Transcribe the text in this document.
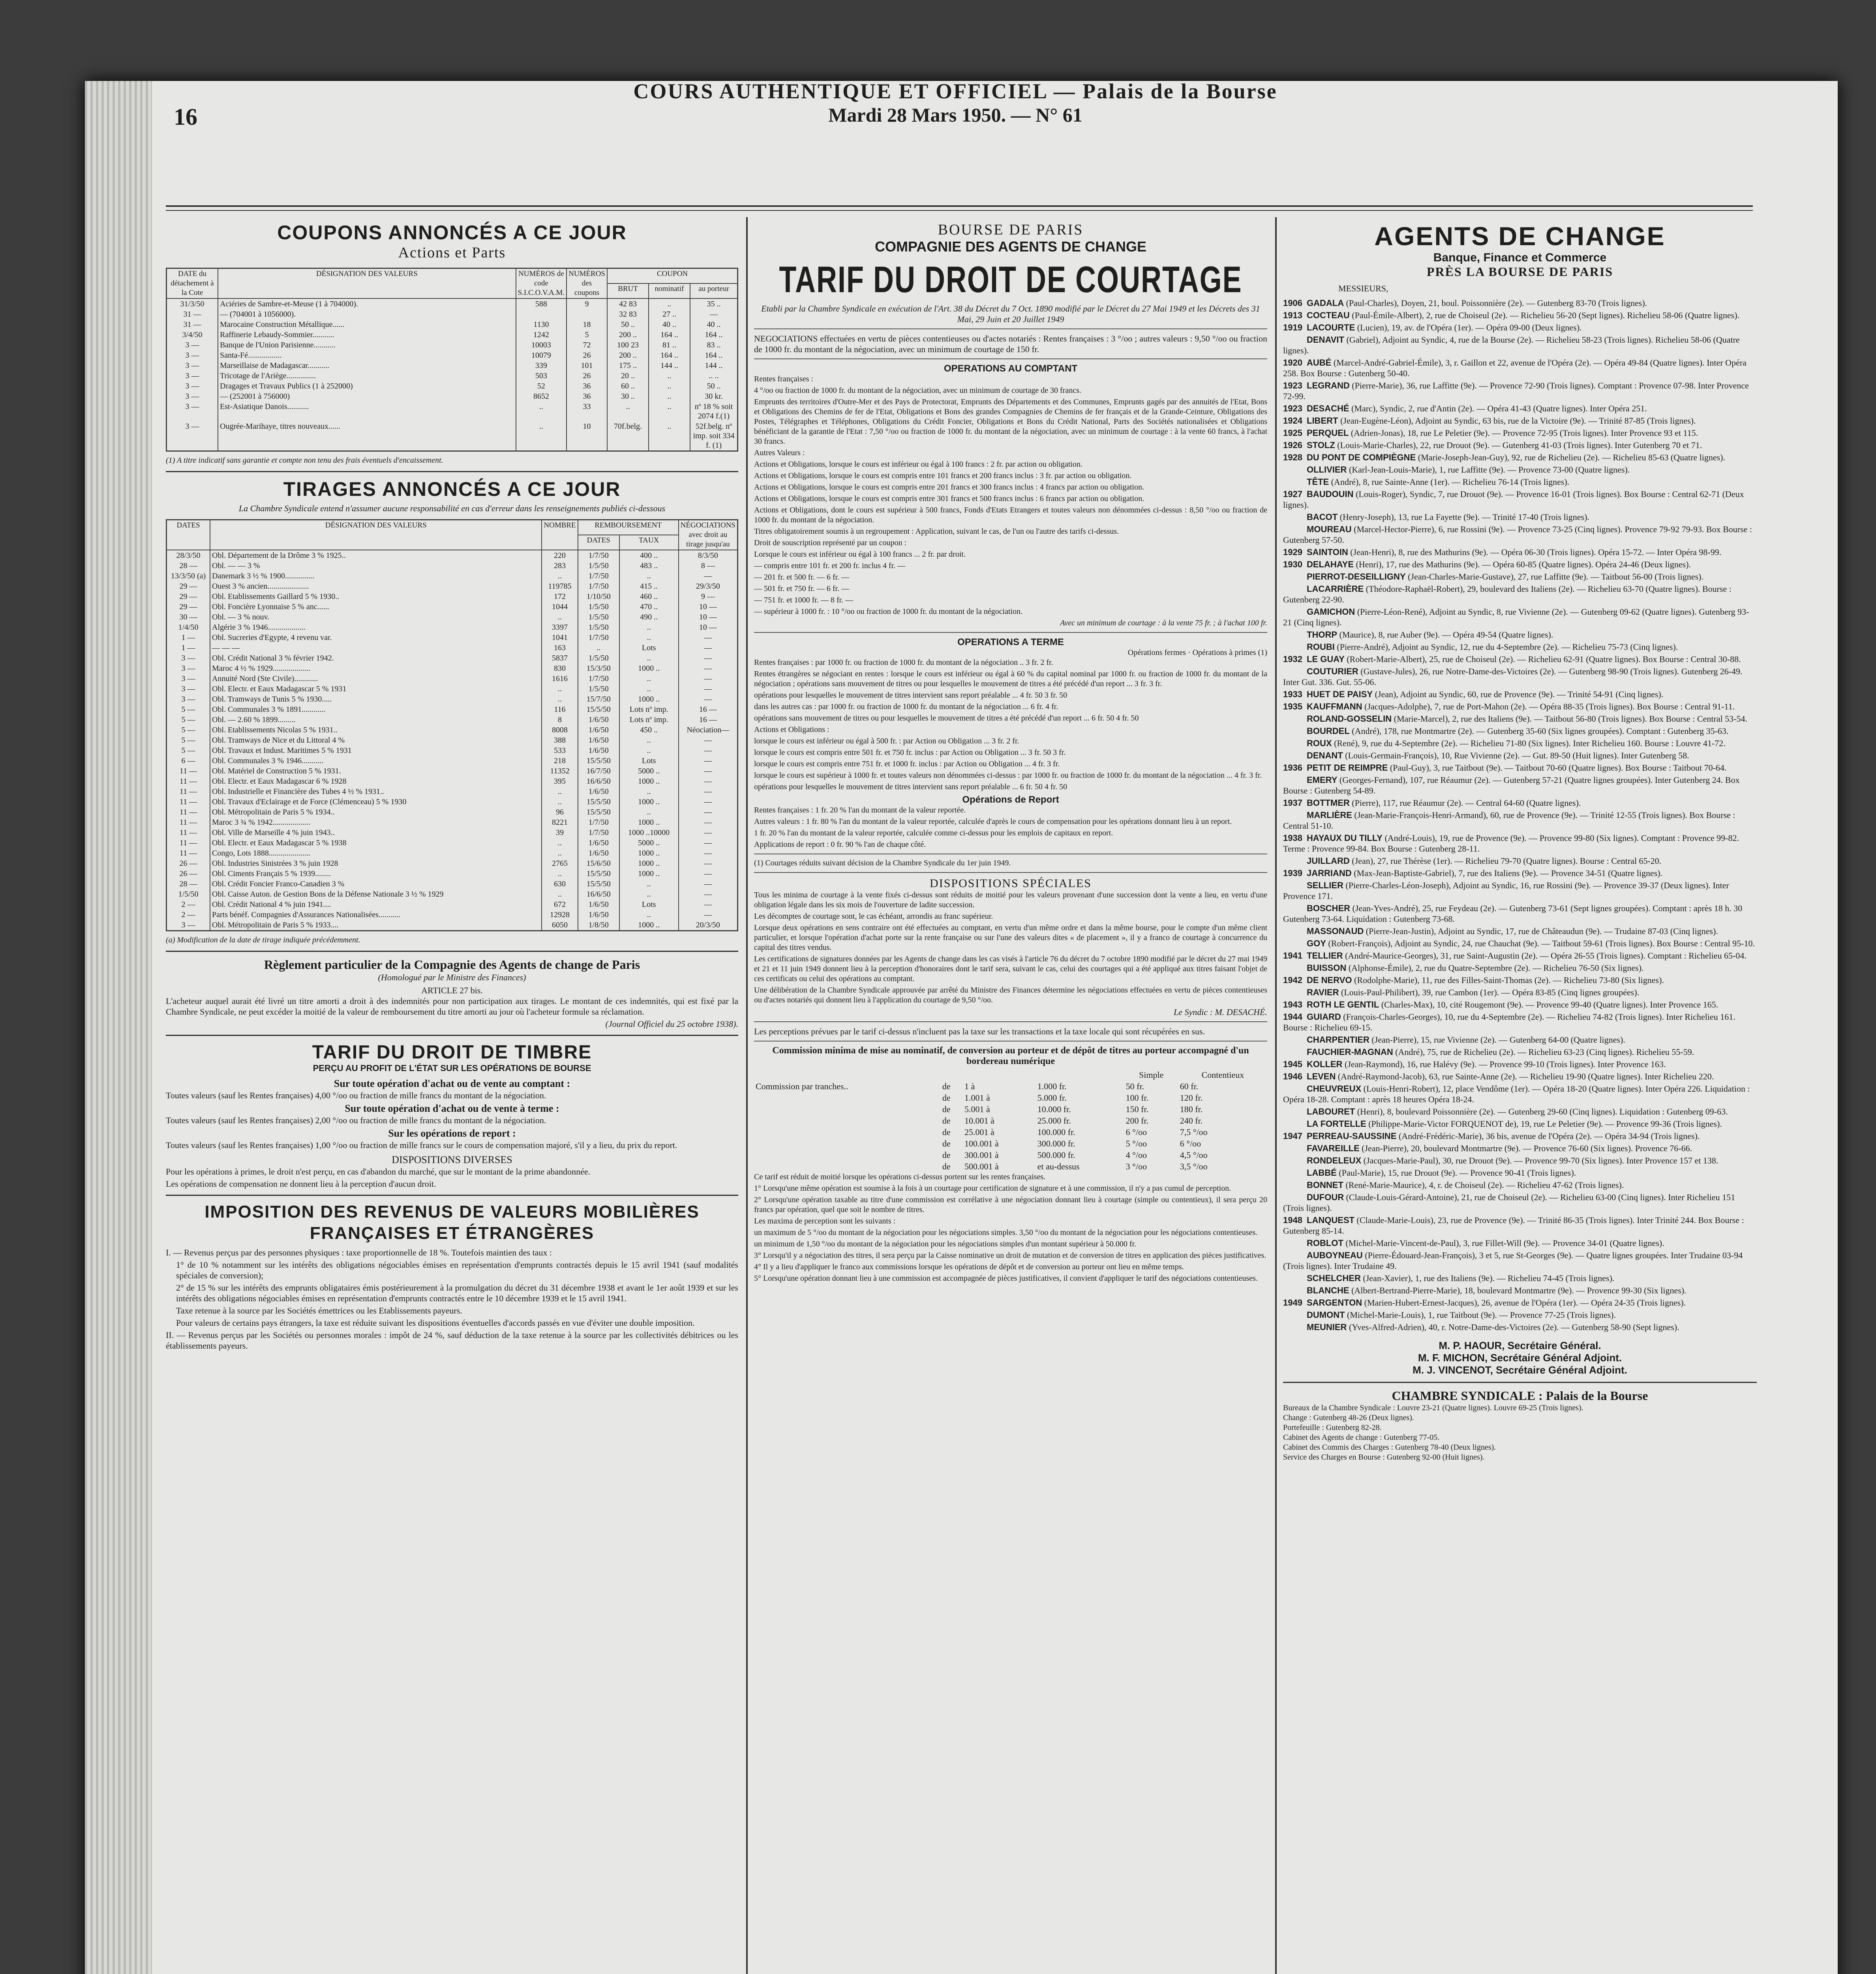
COURS AUTHENTIQUE ET OFFICIEL — Palais de la Bourse
Mardi 28 Mars 1950. — N° 61
16
COUPONS ANNONCÉS A CE JOUR
Actions et Parts
DATE du détachement à la Cote	DÉSIGNATION DES VALEURS	NUMÉROS de code S.I.C.O.V.A.M.	NUMÉROS des coupons	COUPON		
				BRUT	nominatif	au porteur
31/3/50	Aciéries de Sambre-et-Meuse (1 à 704000).	588	9	42 83	..	35 ..
31 —	— (704001 à 1056000).			32 83	27 ..	—
31 —	Marocaine Construction Métallique......	1130	18	50 ..	40 ..	40 ..
3/4/50	Raffinerie Lebaudy-Sommier...........	1242	5	200 ..	164 ..	164 ..
3 —	Banque de l'Union Parisienne...........	10003	72	100 23	81 ..	83 ..
3 —	Santa-Fé.................	10079	26	200 ..	164 ..	164 ..
3 —	Marseillaise de Madagascar...........	339	101	175 ..	144 ..	144 ..
3 —	Tricotage de l'Ariège...............	503	26	20 ..	..	.. ..
3 —	Dragages et Travaux Publics (1 à 252000)	52	36	60 ..	..	50 ..
3 —	— (252001 à 756000)	8652	36	30 ..	..	30 kr.
3 —	Est-Asiatique Danois...........	..	33	..	..	nº 18 % soit 2074 f.(1)
3 —	Ougrée-Marihaye, titres nouveaux......	..	10	70f.belg.	..	52f.belg. nº imp. soit 334 f. (1)
(1) A titre indicatif sans garantie et compte non tenu des frais éventuels d'encaissement.
TIRAGES ANNONCÉS A CE JOUR
La Chambre Syndicale entend n'assumer aucune responsabilité en cas d'erreur dans les renseignements publiés ci-dessous
DATES	DÉSIGNATION DES VALEURS	NOMBRE	REMBOURSEMENT		NÉGOCIATIONS avec droit au tirage jusqu'au
			DATES	TAUX	
28/3/50	Obl. Département de la Drôme 3 % 1925..	220	1/7/50	400 ..	8/3/50
28 —	Obl. — — 3 %	283	1/5/50	483 ..	8 —
13/3/50 (a)	Danemark 3 ½ % 1900...............	..	1/7/50	..	—
29 —	Ouest 3 % ancien.....................	119785	1/7/50	415 ..	29/3/50
29 —	Obl. Etablissements Gaillard 5 % 1930..	172	1/10/50	460 ..	9 —
29 —	Obl. Foncière Lyonnaise 5 % anc......	1044	1/5/50	470 ..	10 —
30 —	Obl. — 3 % nouv.	..	1/5/50	490 ..	10 —
1/4/50	Algérie 3 % 1946...................	3397	1/5/50	..	10 —
1 —	Obl. Sucreries d'Egypte, 4 revenu var.	1041	1/7/50	..	—
1 —	— — —	163	..	Lots	—
3 —	Obl. Crédit National 3 % février 1942.	5837	1/5/50	..	—
3 —	Maroc 4 ½ % 1929...................	830	15/3/50	1000 ..	—
3 —	Annuité Nord (Ste Civile)............	1616	1/7/50	..	—
3 —	Obl. Electr. et Eaux Madagascar 5 % 1931	..	1/5/50	..	—
3 —	Obl. Tramways de Tunis 5 % 1930.....	..	15/7/50	1000 ..	—
5 —	Obl. Communales 3 % 1891............	116	15/5/50	Lots nº imp.	16 —
5 —	Obl. — 2.60 % 1899.........	8	1/6/50	Lots nº imp.	16 —
5 —	Obl. Etablissements Nicolas 5 % 1931..	8008	1/6/50	450 ..	Néociation—
5 —	Obl. Tramways de Nice et du Littoral 4 %	388	1/6/50	..	—
5 —	Obl. Travaux et Indust. Maritimes 5 % 1931	533	1/6/50	..	—
6 —	Obl. Communales 3 % 1946...........	218	15/5/50	Lots	—
11 —	Obl. Matériel de Construction 5 % 1931.	11352	16/7/50	5000 ..	—
11 —	Obl. Electr. et Eaux Madagascar 6 % 1928	395	16/6/50	1000 ..	—
11 —	Obl. Industrielle et Financière des Tubes 4 ½ % 1931..	..	1/6/50	..	—
11 —	Obl. Travaux d'Eclairage et de Force (Clémenceau) 5 % 1930	..	15/5/50	1000 ..	—
11 —	Obl. Métropolitain de Paris 5 % 1934..	96	15/5/50	..	—
11 —	Maroc 3 ¾ % 1942...................	8221	1/7/50	1000 ..	—
11 —	Obl. Ville de Marseille 4 % juin 1943..	39	1/7/50	1000 ..10000	—
11 —	Obl. Electr. et Eaux Madagascar 5 % 1938	..	1/6/50	5000 ..	—
11 —	Congo, Lots 1888.....................	..	1/6/50	1000 ..	—
26 —	Obl. Industries Sinistrées 3 % juin 1928	2765	15/6/50	1000 ..	—
26 —	Obl. Ciments Français 5 % 1939........	..	15/5/50	1000 ..	—
28 —	Obl. Crédit Foncier Franco-Canadien 3 %	630	15/5/50	..	—
1/5/50	Obl. Caisse Auton. de Gestion Bons de la Défense Nationale 3 ½ % 1929	..	16/6/50	..	—
2 —	Obl. Crédit National 4 % juin 1941....	672	1/6/50	Lots	—
2 —	Parts bénéf. Compagnies d'Assurances Nationalisées...........	12928	1/6/50	..	—
3 —	Obl. Métropolitain de Paris 5 % 1933....	6050	1/8/50	1000 ..	20/3/50
(a) Modification de la date de tirage indiquée précédemment.
Règlement particulier de la Compagnie des Agents de change de Paris
(Homologué par le Ministre des Finances)
ARTICLE 27 bis.
L'acheteur auquel aurait été livré un titre amorti a droit à des indemnités pour non participation aux tirages. Le montant de ces indemnités, qui est fixé par la Chambre Syndicale, ne peut excéder la moitié de la valeur de remboursement du titre amorti au jour où l'acheteur formule sa réclamation.
(Journal Officiel du 25 octobre 1938).
TARIF DU DROIT DE TIMBRE
PERÇU AU PROFIT DE L'ÉTAT SUR LES OPÉRATIONS DE BOURSE
Sur toute opération d'achat ou de vente au comptant :
Toutes valeurs (sauf les Rentes françaises) 4,00 °/oo ou fraction de mille francs du montant de la négociation.
Sur toute opération d'achat ou de vente à terme :
Toutes valeurs (sauf les Rentes françaises) 2,00 °/oo ou fraction de mille francs du montant de la négociation.
Sur les opérations de report :
Toutes valeurs (sauf les Rentes françaises) 1,00 °/oo ou fraction de mille francs sur le cours de compensation majoré, s'il y a lieu, du prix du report.
DISPOSITIONS DIVERSES
Pour les opérations à primes, le droit n'est perçu, en cas d'abandon du marché, que sur le montant de la prime abandonnée.
Les opérations de compensation ne donnent lieu à la perception d'aucun droit.
IMPOSITION DES REVENUS DE VALEURS MOBILIÈRES FRANÇAISES ET ÉTRANGÈRES
I. — Revenus perçus par des personnes physiques : taxe proportionnelle de 18 %. Toutefois maintien des taux :
1° de 10 % notamment sur les intérêts des obligations négociables émises en représentation d'emprunts contractés depuis le 15 avril 1941 (sauf modalités spéciales de conversion);
2° de 15 % sur les intérêts des emprunts obligataires émis postérieurement à la promulgation du décret du 31 décembre 1938 et avant le 1er août 1939 et sur les intérêts des obligations négociables émises en représentation d'emprunts contractés entre le 10 décembre 1939 et le 15 avril 1941.
Taxe retenue à la source par les Sociétés émettrices ou les Etablissements payeurs.
Pour valeurs de certains pays étrangers, la taxe est réduite suivant les dispositions éventuelles d'accords passés en vue d'éviter une double imposition.
II. — Revenus perçus par les Sociétés ou personnes morales : impôt de 24 %, sauf déduction de la taxe retenue à la source par les collectivités débitrices ou les établissements payeurs.
BOURSE DE PARIS
COMPAGNIE DES AGENTS DE CHANGE
TARIF DU DROIT DE COURTAGE
Etabli par la Chambre Syndicale en exécution de l'Art. 38 du Décret du 7 Oct. 1890 modifié par le Décret du 27 Mai 1949 et les Décrets des 31 Mai, 29 Juin et 20 Juillet 1949
NEGOCIATIONS effectuées en vertu de pièces contentieuses ou d'actes notariés : Rentes françaises : 3 °/oo ; autres valeurs : 9,50 °/oo ou fraction de 1000 fr. du montant de la négociation, avec un minimum de courtage de 150 fr.
OPERATIONS AU COMPTANT
Rentes françaises :
4 °/oo ou fraction de 1000 fr. du montant de la négociation, avec un minimum de courtage de 30 francs.
Emprunts des territoires d'Outre-Mer et des Pays de Protectorat, Emprunts des Départements et des Communes, Emprunts gagés par des annuités de l'Etat, Bons et Obligations des Chemins de fer de l'Etat, Obligations et Bons des grandes Compagnies de Chemins de fer français et de la Grande-Ceinture, Obligations des Postes, Télégraphes et Téléphones, Obligations du Crédit Foncier, Obligations et Bons du Crédit National, Parts des Sociétés nationalisées et Obligations bénéficiant de la garantie de l'Etat : 7,50 °/oo ou fraction de 1000 fr. du montant de la négociation, avec un minimum de courtage : à la vente 60 francs, à l'achat 30 francs.
Autres Valeurs :
Actions et Obligations, lorsque le cours est inférieur ou égal à 100 francs : 2 fr. par action ou obligation.
Actions et Obligations, lorsque le cours est compris entre 101 francs et 200 francs inclus : 3 fr. par action ou obligation.
Actions et Obligations, lorsque le cours est compris entre 201 francs et 300 francs inclus : 4 francs par action ou obligation.
Actions et Obligations, lorsque le cours est compris entre 301 francs et 500 francs inclus : 6 francs par action ou obligation.
Actions et Obligations, dont le cours est supérieur à 500 francs, Fonds d'Etats Etrangers et toutes valeurs non dénommées ci-dessus : 8,50 °/oo ou fraction de 1000 fr. du montant de la négociation.
Titres obligatoirement soumis à un regroupement : Application, suivant le cas, de l'un ou l'autre des tarifs ci-dessus.
Droit de souscription représenté par un coupon :
Lorsque le cours est inférieur ou égal à 100 francs ... 2 fr. par droit.
— compris entre 101 fr. et 200 fr. inclus 4 fr. —
— 201 fr. et 500 fr. — 6 fr. —
— 501 fr. et 750 fr. — 6 fr. —
— 751 fr. et 1000 fr. — 8 fr. —
— supérieur à 1000 fr. : 10 °/oo ou fraction de 1000 fr. du montant de la négociation.
Avec un minimum de courtage : à la vente 75 fr. ; à l'achat 100 fr.
OPERATIONS A TERME
Opérations fermes · Opérations à primes (1)
Rentes françaises : par 1000 fr. ou fraction de 1000 fr. du montant de la négociation .. 3 fr. 2 fr.
Rentes étrangères se négociant en rentes : lorsque le cours est inférieur ou égal à 60 % du capital nominal par 1000 fr. ou fraction de 1000 fr. du montant de la négociation ; opérations sans mouvement de titres ou pour lesquelles le mouvement de titres a été précédé d'un report ... 3 fr. 3 fr.
opérations pour lesquelles le mouvement de titres intervient sans report préalable ... 4 fr. 50 3 fr. 50
dans les autres cas : par 1000 fr. ou fraction de 1000 fr. du montant de la négociation ... 6 fr. 4 fr.
opérations sans mouvement de titres ou pour lesquelles le mouvement de titres a été précédé d'un report ... 6 fr. 50 4 fr. 50
Actions et Obligations :
lorsque le cours est inférieur ou égal à 500 fr. : par Action ou Obligation ... 3 fr. 2 fr.
lorsque le cours est compris entre 501 fr. et 750 fr. inclus : par Action ou Obligation ... 3 fr. 50 3 fr.
lorsque le cours est compris entre 751 fr. et 1000 fr. inclus : par Action ou Obligation ... 4 fr. 3 fr.
lorsque le cours est supérieur à 1000 fr. et toutes valeurs non dénommées ci-dessus : par 1000 fr. ou fraction de 1000 fr. du montant de la négociation ... 4 fr. 3 fr.
opérations pour lesquelles le mouvement de titres intervient sans report préalable ... 6 fr. 50 4 fr. 50
Opérations de Report
Rentes françaises : 1 fr. 20 % l'an du montant de la valeur reportée.
Autres valeurs : 1 fr. 80 % l'an du montant de la valeur reportée, calculée d'après le cours de compensation pour les opérations donnant lieu à un report.
1 fr. 20 % l'an du montant de la valeur reportée, calculée comme ci-dessus pour les emplois de capitaux en report.
Applications de report : 0 fr. 90 % l'an de chaque côté.
(1) Courtages réduits suivant décision de la Chambre Syndicale du 1er juin 1949.
DISPOSITIONS SPÉCIALES
Tous les minima de courtage à la vente fixés ci-dessus sont réduits de moitié pour les valeurs provenant d'une succession dont la vente a lieu, en vertu d'une obligation légale dans les six mois de l'ouverture de ladite succession.
Les décomptes de courtage sont, le cas échéant, arrondis au franc supérieur.
Lorsque deux opérations en sens contraire ont été effectuées au comptant, en vertu d'un même ordre et dans la même bourse, pour le compte d'un même client particulier, et lorsque l'opération d'achat porte sur la rente française ou sur l'une des valeurs dites « de placement », il y a franco de courtage à concurrence du capital des titres vendus.
Les certifications de signatures données par les Agents de change dans les cas visés à l'article 76 du décret du 7 octobre 1890 modifié par le décret du 27 mai 1949 et 21 et 11 juin 1949 donnent lieu à la perception d'honoraires dont le tarif sera, suivant le cas, celui des courtages qui a été appliqué aux titres faisant l'objet de ces certificats ou celui des opérations au comptant.
Une délibération de la Chambre Syndicale approuvée par arrêté du Ministre des Finances détermine les négociations effectuées en vertu de pièces contentieuses ou d'actes notariés qui donnent lieu à l'application du courtage de 9,50 °/oo.
Le Syndic : M. DESACHÉ.
Les perceptions prévues par le tarif ci-dessus n'incluent pas la taxe sur les transactions et la taxe locale qui sont récupérées en sus.
Commission minima de mise au nominatif, de conversion au porteur et de dépôt de titres au porteur accompagné d'un bordereau numérique
				Simple	Contentieux
Commission par tranches..	de	1 à	1.000 fr.	50 fr.	60 fr.
	de	1.001 à	5.000 fr.	100 fr.	120 fr.
	de	5.001 à	10.000 fr.	150 fr.	180 fr.
	de	10.001 à	25.000 fr.	200 fr.	240 fr.
	de	25.001 à	100.000 fr.	6 °/oo	7,5 °/oo
	de	100.001 à	300.000 fr.	5 °/oo	6 °/oo
	de	300.001 à	500.000 fr.	4 °/oo	4,5 °/oo
	de	500.001 à	et au-dessus	3 °/oo	3,5 °/oo
Ce tarif est réduit de moitié lorsque les opérations ci-dessus portent sur les rentes françaises.
1° Lorsqu'une même opération est soumise à la fois à un courtage pour certification de signature et à une commission, il n'y a pas cumul de perception.
2° Lorsqu'une opération taxable au titre d'une commission est corrélative à une négociation donnant lieu à courtage (simple ou contentieux), il sera perçu 20 francs par opération, quel que soit le nombre de titres.
Les maxima de perception sont les suivants :
un maximum de 5 °/oo du montant de la négociation pour les négociations simples. 3,50 °/oo du montant de la négociation pour les négociations contentieuses.
un minimum de 1,50 °/oo du montant de la négociation pour les négociations simples d'un montant supérieur à 50.000 fr.
3° Lorsqu'il y a négociation des titres, il sera perçu par la Caisse nominative un droit de mutation et de conversion de titres en application des pièces justificatives.
4° Il y a lieu d'appliquer le franco aux commissions lorsque les opérations de dépôt et de conversion au porteur ont lieu en même temps.
5° Lorsqu'une opération donnant lieu à une commission est accompagnée de pièces justificatives, il convient d'appliquer le tarif des négociations contentieuses.
AGENTS DE CHANGE
Banque, Finance et Commerce
PRÈS LA BOURSE DE PARIS
MESSIEURS,
1906 GADALA (Paul-Charles), Doyen, 21, boul. Poissonnière (2e). — Gutenberg 83-70 (Trois lignes).
1913 COCTEAU (Paul-Émile-Albert), 2, rue de Choiseul (2e). — Richelieu 56-20 (Sept lignes). Richelieu 58-06 (Quatre lignes).
1919 LACOURTE (Lucien), 19, av. de l'Opéra (1er). — Opéra 09-00 (Deux lignes).
DENAVIT (Gabriel), Adjoint au Syndic, 4, rue de la Bourse (2e). — Richelieu 58-23 (Trois lignes). Richelieu 58-06 (Quatre lignes).
1920 AUBÉ (Marcel-André-Gabriel-Émile), 3, r. Gaillon et 22, avenue de l'Opéra (2e). — Opéra 49-84 (Quatre lignes). Inter Opéra 258. Box Bourse : Gutenberg 50-40.
1923 LEGRAND (Pierre-Marie), 36, rue Laffitte (9e). — Provence 72-90 (Trois lignes). Comptant : Provence 07-98. Inter Provence 72-99.
1923 DESACHÉ (Marc), Syndic, 2, rue d'Antin (2e). — Opéra 41-43 (Quatre lignes). Inter Opéra 251.
1924 LIBERT (Jean-Eugène-Léon), Adjoint au Syndic, 63 bis, rue de la Victoire (9e). — Trinité 87-85 (Trois lignes).
1925 PERQUEL (Adrien-Jonas), 18, rue Le Peletier (9e). — Provence 72-95 (Trois lignes). Inter Provence 93 et 115.
1926 STOLZ (Louis-Marie-Charles), 22, rue Drouot (9e). — Gutenberg 41-03 (Trois lignes). Inter Gutenberg 70 et 71.
1928 DU PONT DE COMPIÈGNE (Marie-Joseph-Jean-Guy), 92, rue de Richelieu (2e). — Richelieu 85-63 (Quatre lignes).
OLLIVIER (Karl-Jean-Louis-Marie), 1, rue Laffitte (9e). — Provence 73-00 (Quatre lignes).
TÊTE (André), 8, rue Sainte-Anne (1er). — Richelieu 76-14 (Trois lignes).
1927 BAUDOUIN (Louis-Roger), Syndic, 7, rue Drouot (9e). — Provence 16-01 (Trois lignes). Box Bourse : Central 62-71 (Deux lignes).
BACOT (Henry-Joseph), 13, rue La Fayette (9e). — Trinité 17-40 (Trois lignes).
MOUREAU (Marcel-Hector-Pierre), 6, rue Rossini (9e). — Provence 73-25 (Cinq lignes). Provence 79-92 79-93. Box Bourse : Gutenberg 57-50.
1929 SAINTOIN (Jean-Henri), 8, rue des Mathurins (9e). — Opéra 06-30 (Trois lignes). Opéra 15-72. — Inter Opéra 98-99.
1930 DELAHAYE (Henri), 17, rue des Mathurins (9e). — Opéra 60-85 (Quatre lignes). Opéra 24-46 (Deux lignes).
PIERROT-DESEILLIGNY (Jean-Charles-Marie-Gustave), 27, rue Laffitte (9e). — Taitbout 56-00 (Trois lignes).
LACARRIÈRE (Théodore-Raphaël-Robert), 29, boulevard des Italiens (2e). — Richelieu 63-70 (Quatre lignes). Bourse : Gutenberg 22-90.
GAMICHON (Pierre-Léon-René), Adjoint au Syndic, 8, rue Vivienne (2e). — Gutenberg 09-62 (Quatre lignes). Gutenberg 93-21 (Cinq lignes).
THORP (Maurice), 8, rue Auber (9e). — Opéra 49-54 (Quatre lignes).
ROUBI (Pierre-André), Adjoint au Syndic, 12, rue du 4-Septembre (2e). — Richelieu 75-73 (Cinq lignes).
1932 LE GUAY (Robert-Marie-Albert), 25, rue de Choiseul (2e). — Richelieu 62-91 (Quatre lignes). Box Bourse : Central 30-88.
COUTURIER (Gustave-Jules), 26, rue Notre-Dame-des-Victoires (2e). — Gutenberg 98-90 (Trois lignes). Gutenberg 26-49. Inter Gut. 336. Gut. 55-06.
1933 HUET DE PAISY (Jean), Adjoint au Syndic, 60, rue de Provence (9e). — Trinité 54-91 (Cinq lignes).
1935 KAUFFMANN (Jacques-Adolphe), 7, rue de Port-Mahon (2e). — Opéra 88-35 (Trois lignes). Box Bourse : Central 91-11.
ROLAND-GOSSELIN (Marie-Marcel), 2, rue des Italiens (9e). — Taitbout 56-80 (Trois lignes). Box Bourse : Central 53-54.
BOURDEL (André), 178, rue Montmartre (2e). — Gutenberg 35-60 (Six lignes groupées). Comptant : Gutenberg 35-63.
ROUX (René), 9, rue du 4-Septembre (2e). — Richelieu 71-80 (Six lignes). Inter Richelieu 160. Bourse : Louvre 41-72.
DENANT (Louis-Germain-François), 10, Rue Vivienne (2e). — Gut. 89-50 (Huit lignes). Inter Gutenberg 58.
1936 PETIT DE REIMPRE (Paul-Guy), 3, rue Taitbout (9e). — Taitbout 70-60 (Quatre lignes). Box Bourse : Taitbout 70-64.
EMERY (Georges-Fernand), 107, rue Réaumur (2e). — Gutenberg 57-21 (Quatre lignes groupées). Inter Gutenberg 24. Box Bourse : Gutenberg 54-89.
1937 BOTTMER (Pierre), 117, rue Réaumur (2e). — Central 64-60 (Quatre lignes).
MARLIÈRE (Jean-Marie-François-Henri-Armand), 60, rue de Provence (9e). — Trinité 12-55 (Trois lignes). Box Bourse : Central 51-10.
1938 HAYAUX DU TILLY (André-Louis), 19, rue de Provence (9e). — Provence 99-80 (Six lignes). Comptant : Provence 99-82. Terme : Provence 99-84. Box Bourse : Gutenberg 28-11.
JUILLARD (Jean), 27, rue Thérèse (1er). — Richelieu 79-70 (Quatre lignes). Bourse : Central 65-20.
1939 JARRIAND (Max-Jean-Baptiste-Gabriel), 7, rue des Italiens (9e). — Provence 34-51 (Quatre lignes).
SELLIER (Pierre-Charles-Léon-Joseph), Adjoint au Syndic, 16, rue Rossini (9e). — Provence 39-37 (Deux lignes). Inter Provence 171.
BOSCHER (Jean-Yves-André), 25, rue Feydeau (2e). — Gutenberg 73-61 (Sept lignes groupées). Comptant : après 18 h. 30 Gutenberg 73-64. Liquidation : Gutenberg 73-68.
MASSONAUD (Pierre-Jean-Justin), Adjoint au Syndic, 17, rue de Châteaudun (9e). — Trudaine 87-03 (Cinq lignes).
GOY (Robert-François), Adjoint au Syndic, 24, rue Chauchat (9e). — Taitbout 59-61 (Trois lignes). Box Bourse : Central 95-10.
1941 TELLIER (André-Maurice-Georges), 31, rue Saint-Augustin (2e). — Opéra 26-55 (Trois lignes). Comptant : Richelieu 65-04.
BUISSON (Alphonse-Émile), 2, rue du Quatre-Septembre (2e). — Richelieu 76-50 (Six lignes).
1942 DE NERVO (Rodolphe-Marie), 11, rue des Filles-Saint-Thomas (2e). — Richelieu 73-80 (Six lignes).
RAVIER (Louis-Paul-Philibert), 39, rue Cambon (1er). — Opéra 83-85 (Cinq lignes groupées).
1943 ROTH LE GENTIL (Charles-Max), 10, cité Rougemont (9e). — Provence 99-40 (Quatre lignes). Inter Provence 165.
1944 GUIARD (François-Charles-Georges), 10, rue du 4-Septembre (2e). — Richelieu 74-82 (Trois lignes). Inter Richelieu 161. Bourse : Richelieu 69-15.
CHARPENTIER (Jean-Pierre), 15, rue Vivienne (2e). — Gutenberg 64-00 (Quatre lignes).
FAUCHIER-MAGNAN (André), 75, rue de Richelieu (2e). — Richelieu 63-23 (Cinq lignes). Richelieu 55-59.
1945 KOLLER (Jean-Raymond), 16, rue Halévy (9e). — Provence 99-10 (Trois lignes). Inter Provence 163.
1946 LEVEN (André-Raymond-Jacob), 63, rue Sainte-Anne (2e). — Richelieu 19-90 (Quatre lignes). Inter Richelieu 220.
CHEUVREUX (Louis-Henri-Robert), 12, place Vendôme (1er). — Opéra 18-20 (Quatre lignes). Inter Opéra 226. Liquidation : Opéra 18-28. Comptant : après 18 heures Opéra 18-24.
LABOURET (Henri), 8, boulevard Poissonnière (2e). — Gutenberg 29-60 (Cinq lignes). Liquidation : Gutenberg 09-63.
LA FORTELLE (Philippe-Marie-Victor FORQUENOT de), 19, rue Le Peletier (9e). — Provence 99-36 (Trois lignes).
1947 PERREAU-SAUSSINE (André-Frédéric-Marie), 36 bis, avenue de l'Opéra (2e). — Opéra 34-94 (Trois lignes).
FAVAREILLE (Jean-Pierre), 20, boulevard Montmartre (9e). — Provence 76-60 (Six lignes). Provence 76-66.
RONDELEUX (Jacques-Marie-Paul), 30, rue Drouot (9e). — Provence 99-70 (Six lignes). Inter Provence 157 et 138.
LABBÉ (Paul-Marie), 15, rue Drouot (9e). — Provence 90-41 (Trois lignes).
BONNET (René-Marie-Maurice), 4, r. de Choiseul (2e). — Richelieu 47-62 (Trois lignes).
DUFOUR (Claude-Louis-Gérard-Antoine), 21, rue de Choiseul (2e). — Richelieu 63-00 (Cinq lignes). Inter Richelieu 151 (Trois lignes).
1948 LANQUEST (Claude-Marie-Louis), 23, rue de Provence (9e). — Trinité 86-35 (Trois lignes). Inter Trinité 244. Box Bourse : Gutenberg 85-14.
ROBLOT (Michel-Marie-Vincent-de-Paul), 3, rue Fillet-Will (9e). — Provence 34-01 (Quatre lignes).
AUBOYNEAU (Pierre-Édouard-Jean-François), 3 et 5, rue St-Georges (9e). — Quatre lignes groupées. Inter Trudaine 03-94 (Trois lignes). Inter Trudaine 49.
SCHELCHER (Jean-Xavier), 1, rue des Italiens (9e). — Richelieu 74-45 (Trois lignes).
BLANCHE (Albert-Bertrand-Pierre-Marie), 18, boulevard Montmartre (9e). — Provence 99-30 (Six lignes).
1949 SARGENTON (Marien-Hubert-Ernest-Jacques), 26, avenue de l'Opéra (1er). — Opéra 24-35 (Trois lignes).
DUMONT (Michel-Marie-Louis), 1, rue Taitbout (9e). — Provence 77-25 (Trois lignes).
MEUNIER (Yves-Alfred-Adrien), 40, r. Notre-Dame-des-Victoires (2e). — Gutenberg 58-90 (Sept lignes).
M. P. HAOUR, Secrétaire Général.
M. F. MICHON, Secrétaire Général Adjoint.
M. J. VINCENOT, Secrétaire Général Adjoint.
CHAMBRE SYNDICALE : Palais de la Bourse
Bureaux de la Chambre Syndicale : Louvre 23-21 (Quatre lignes). Louvre 69-25 (Trois lignes).
Change : Gutenberg 48-26 (Deux lignes).
Portefeuille : Gutenberg 82-28.
Cabinet des Agents de change : Gutenberg 77-05.
Cabinet des Commis des Charges : Gutenberg 78-40 (Deux lignes).
Service des Charges en Bourse : Gutenberg 92-00 (Huit lignes).
